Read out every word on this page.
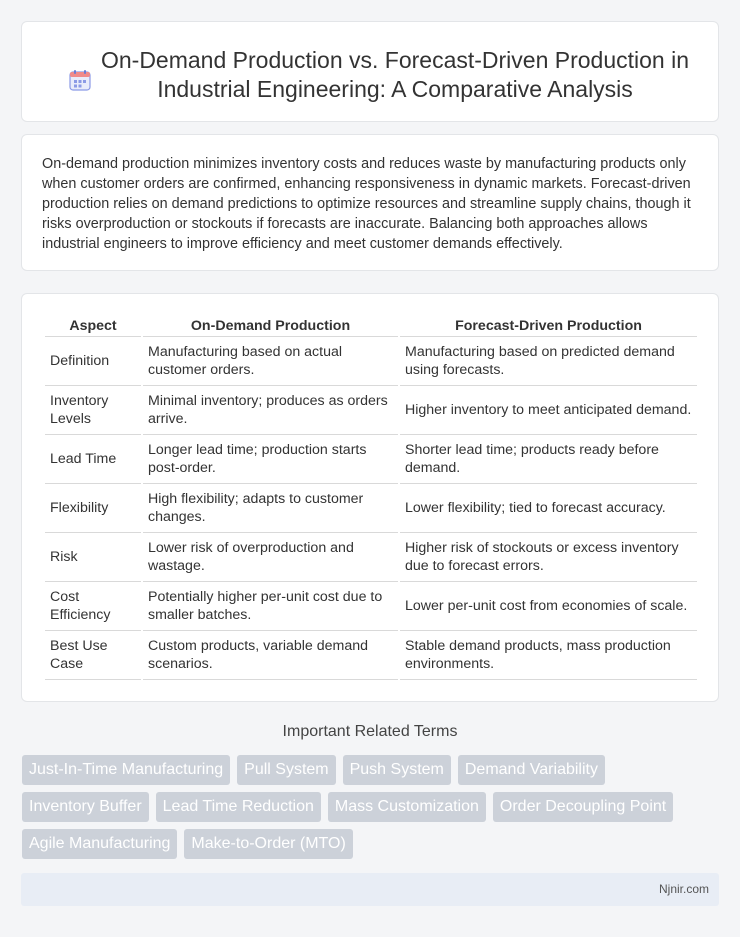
On-Demand Production vs. Forecast-Driven Production in Industrial Engineering: A Comparative Analysis

On-demand production minimizes inventory costs and reduces waste by manufacturing products only when customer orders are confirmed, enhancing responsiveness in dynamic markets. Forecast-driven production relies on demand predictions to optimize resources and streamline supply chains, though it risks overproduction or stockouts if forecasts are inaccurate. Balancing both approaches allows industrial engineers to improve efficiency and meet customer demands effectively.

Aspect	On-Demand Production	Forecast-Driven Production
Definition	Manufacturing based on actual customer orders.	Manufacturing based on predicted demand using forecasts.
Inventory Levels	Minimal inventory; produces as orders arrive.	Higher inventory to meet anticipated demand.
Lead Time	Longer lead time; production starts post-order.	Shorter lead time; products ready before demand.
Flexibility	High flexibility; adapts to customer changes.	Lower flexibility; tied to forecast accuracy.
Risk	Lower risk of overproduction and wastage.	Higher risk of stockouts or excess inventory due to forecast errors.
Cost Efficiency	Potentially higher per-unit cost due to smaller batches.	Lower per-unit cost from economies of scale.
Best Use Case	Custom products, variable demand scenarios.	Stable demand products, mass production environments.
Important Related Terms
Just-In-Time Manufacturing	Pull System	Push System	Demand Variability
Inventory Buffer	Lead Time Reduction	Mass Customization	Order Decoupling Point
Agile Manufacturing	Make-to-Order (MTO)
Njnir.com
